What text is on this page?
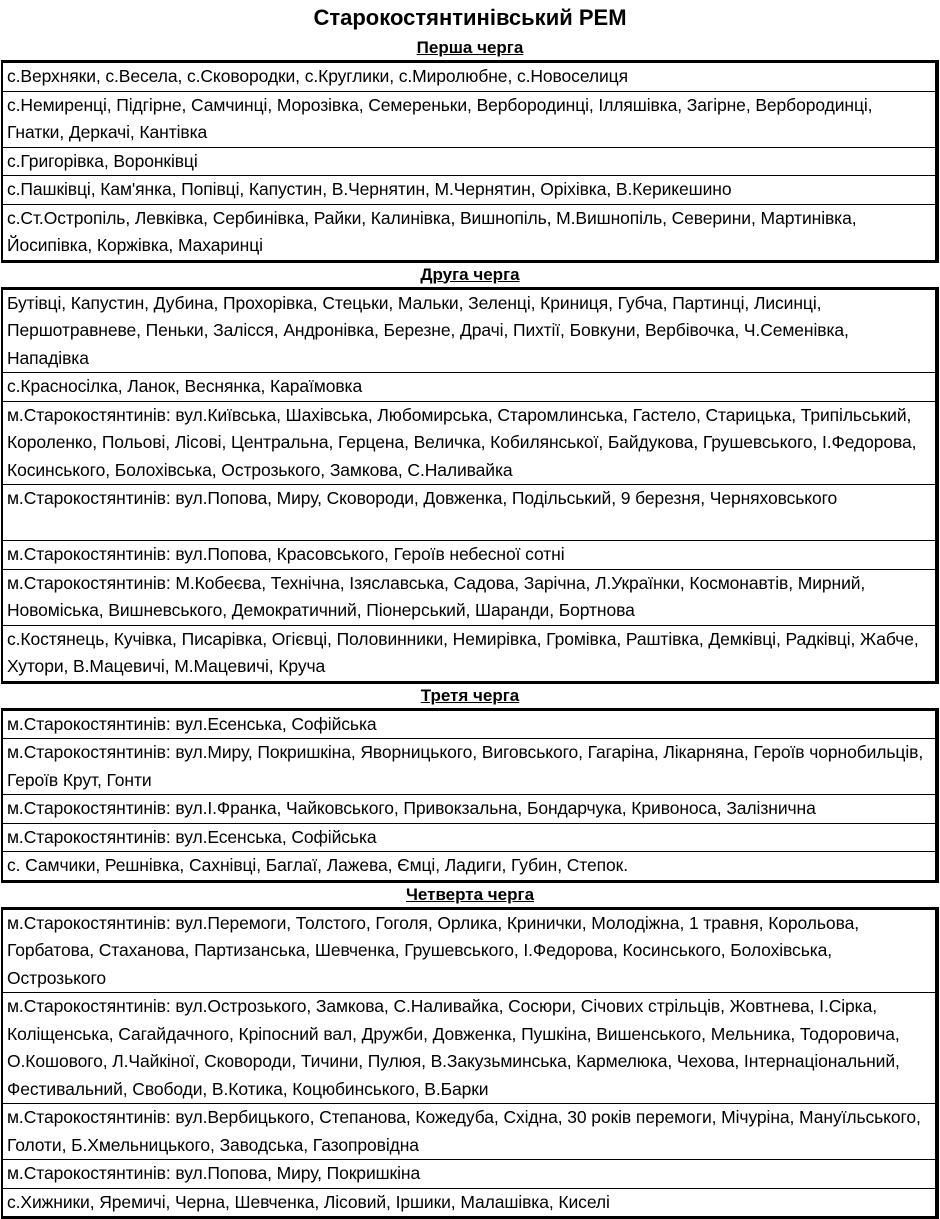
Старокостянтинівський РЕМ
Перша черга
с.Верхняки, с.Весела, с.Сковородки, с.Круглики, с.Миролюбне, с.Новоселиця
с.Немиренці, Підгірне, Самчинці, Морозівка, Семереньки, Вербородинці, Ілляшівка, Загірне, Вербородинці, Гнатки, Деркачі, Кантівка
с.Григорівка, Воронківці
с.Пашківці, Кам'янка, Попівці, Капустин, В.Чернятин, М.Чернятин, Оріхівка, В.Керикешино
с.Ст.Остропіль, Левківка, Сербинівка, Райки, Калинівка, Вишнопіль, М.Вишнопіль, Северини, Мартинівка, Йосипівка, Коржівка, Махаринці
Друга черга
Бутівці, Капустин, Дубина, Прохорівка, Стецьки, Мальки, Зеленці, Криниця, Губча, Партинці, Лисинці, Першотравневе, Пеньки, Залісся, Андронівка, Березне, Драчі, Пихтії, Бовкуни, Вербівочка, Ч.Семенівка, Нападівка
с.Красносілка, Ланок, Веснянка, Караїмовка
м.Старокостянтинів: вул.Київська, Шахівська, Любомирська, Старомлинська, Гастело, Старицька, Трипільський, Короленко, Польові, Лісові, Центральна, Герцена, Величка, Кобилянської, Байдукова, Грушевського, І.Федорова, Косинського, Болохівська, Острозького, Замкова, С.Наливайка
м.Старокостянтинів: вул.Попова, Миру, Сковороди, Довженка, Подільський, 9 березня, Черняховського
м.Старокостянтинів: вул.Попова, Красовського, Героїв небесної сотні
м.Старокостянтинів: М.Кобеєва, Технічна, Ізяславська, Садова, Зарічна, Л.Українки, Космонавтів, Мирний, Новоміська, Вишневського, Демократичний, Піонерський, Шаранди, Бортнова
с.Костянець, Кучівка, Писарівка, Огієвці, Половинники, Немирівка, Громівка, Раштівка, Демківці, Радківці, Жабче, Хутори, В.Мацевичі, М.Мацевичі, Круча
Третя черга
м.Старокостянтинів: вул.Есенська, Софійська
м.Старокостянтинів: вул.Миру, Покришкіна, Яворницького, Виговського, Гагаріна, Лікарняна, Героїв чорнобильців, Героїв Крут, Гонти
м.Старокостянтинів: вул.І.Франка, Чайковського, Привокзальна, Бондарчука, Кривоноса, Залізнична
м.Старокостянтинів: вул.Есенська, Софійська
с. Самчики, Решнівка, Сахнівці, Баглаї, Лажева, Ємці, Ладиги, Губин, Степок.
Четверта черга
м.Старокостянтинів: вул.Перемоги, Толстого, Гоголя, Орлика, Кринички, Молодіжна, 1 травня, Корольова, Горбатова, Стаханова, Партизанська, Шевченка, Грушевського, І.Федорова, Косинського, Болохівська, Острозького
м.Старокостянтинів: вул.Острозького, Замкова, С.Наливайка, Сосюри, Січових стрільців, Жовтнева, І.Сірка, Коліщенська, Сагайдачного, Кріпосний вал, Дружби, Довженка, Пушкіна, Вишенського, Мельника, Тодоровича, О.Кошового, Л.Чайкіної, Сковороди, Тичини, Пулюя, В.Закузьминська, Кармелюка, Чехова, Інтернаціональний, Фестивальний, Свободи, В.Котика, Коцюбинського, В.Барки
м.Старокостянтинів: вул.Вербицького, Степанова, Кожедуба, Східна, 30 років перемоги, Мічуріна, Мануїльського, Голоти, Б.Хмельницького, Заводська, Газопровідна
м.Старокостянтинів: вул.Попова, Миру, Покришкіна
с.Хижники, Яремичі, Черна, Шевченка, Лісовий, Іршики, Малашівка, Киселі
